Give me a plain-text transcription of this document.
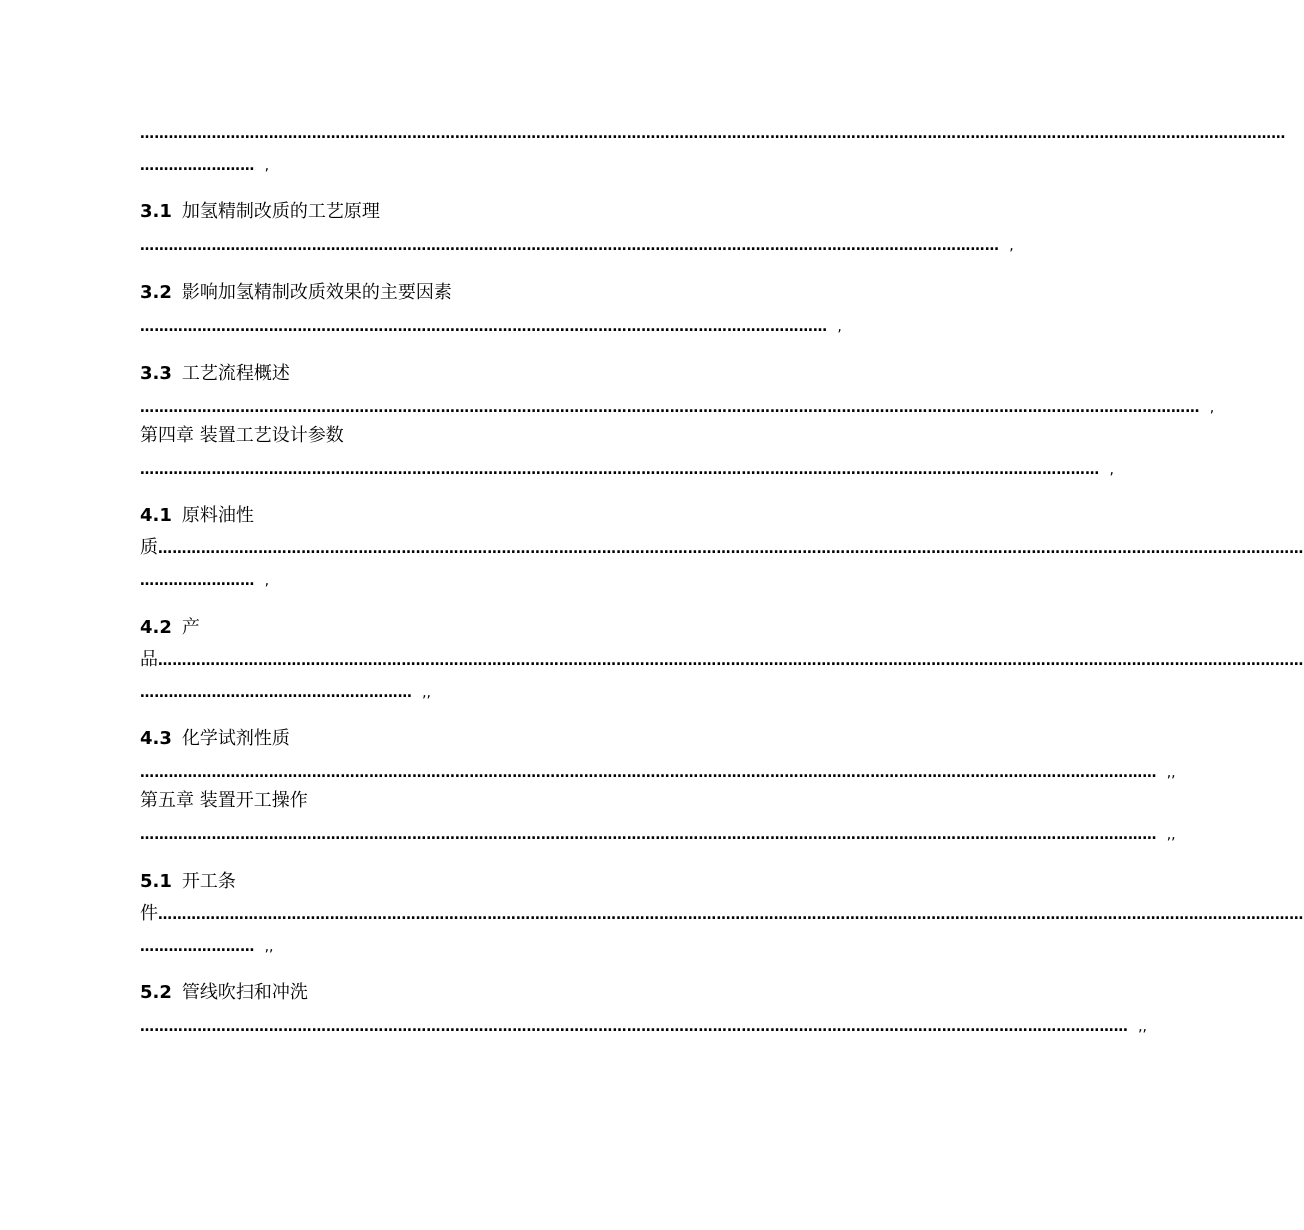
……………………………………………………………………………………………………………………………………………………………………………………………………………………
…………………… ,
3.1 加氢精制改质的工艺原理
……………………………………………………………………………………………………………………………………………………………… ,
3.2 影响加氢精制改质效果的主要因素
……………………………………………………………………………………………………………………………… ,
3.3 工艺流程概述
…………………………………………………………………………………………………………………………………………………………………………………………………… ,
第四章 装置工艺设计参数
………………………………………………………………………………………………………………………………………………………………………………… ,
4.1 原料油性
质……………………………………………………………………………………………………………………………………………………………………………………………………………………
…………………… ,
4.2 产
品……………………………………………………………………………………………………………………………………………………………………………………………………………………
………………………………………………… ,,
4.3 化学试剂性质
…………………………………………………………………………………………………………………………………………………………………………………………… ,,
第五章 装置开工操作
…………………………………………………………………………………………………………………………………………………………………………………………… ,,
5.1 开工条
件……………………………………………………………………………………………………………………………………………………………………………………………………………………
…………………… ,,
5.2 管线吹扫和冲洗
……………………………………………………………………………………………………………………………………………………………………………………… ,,
